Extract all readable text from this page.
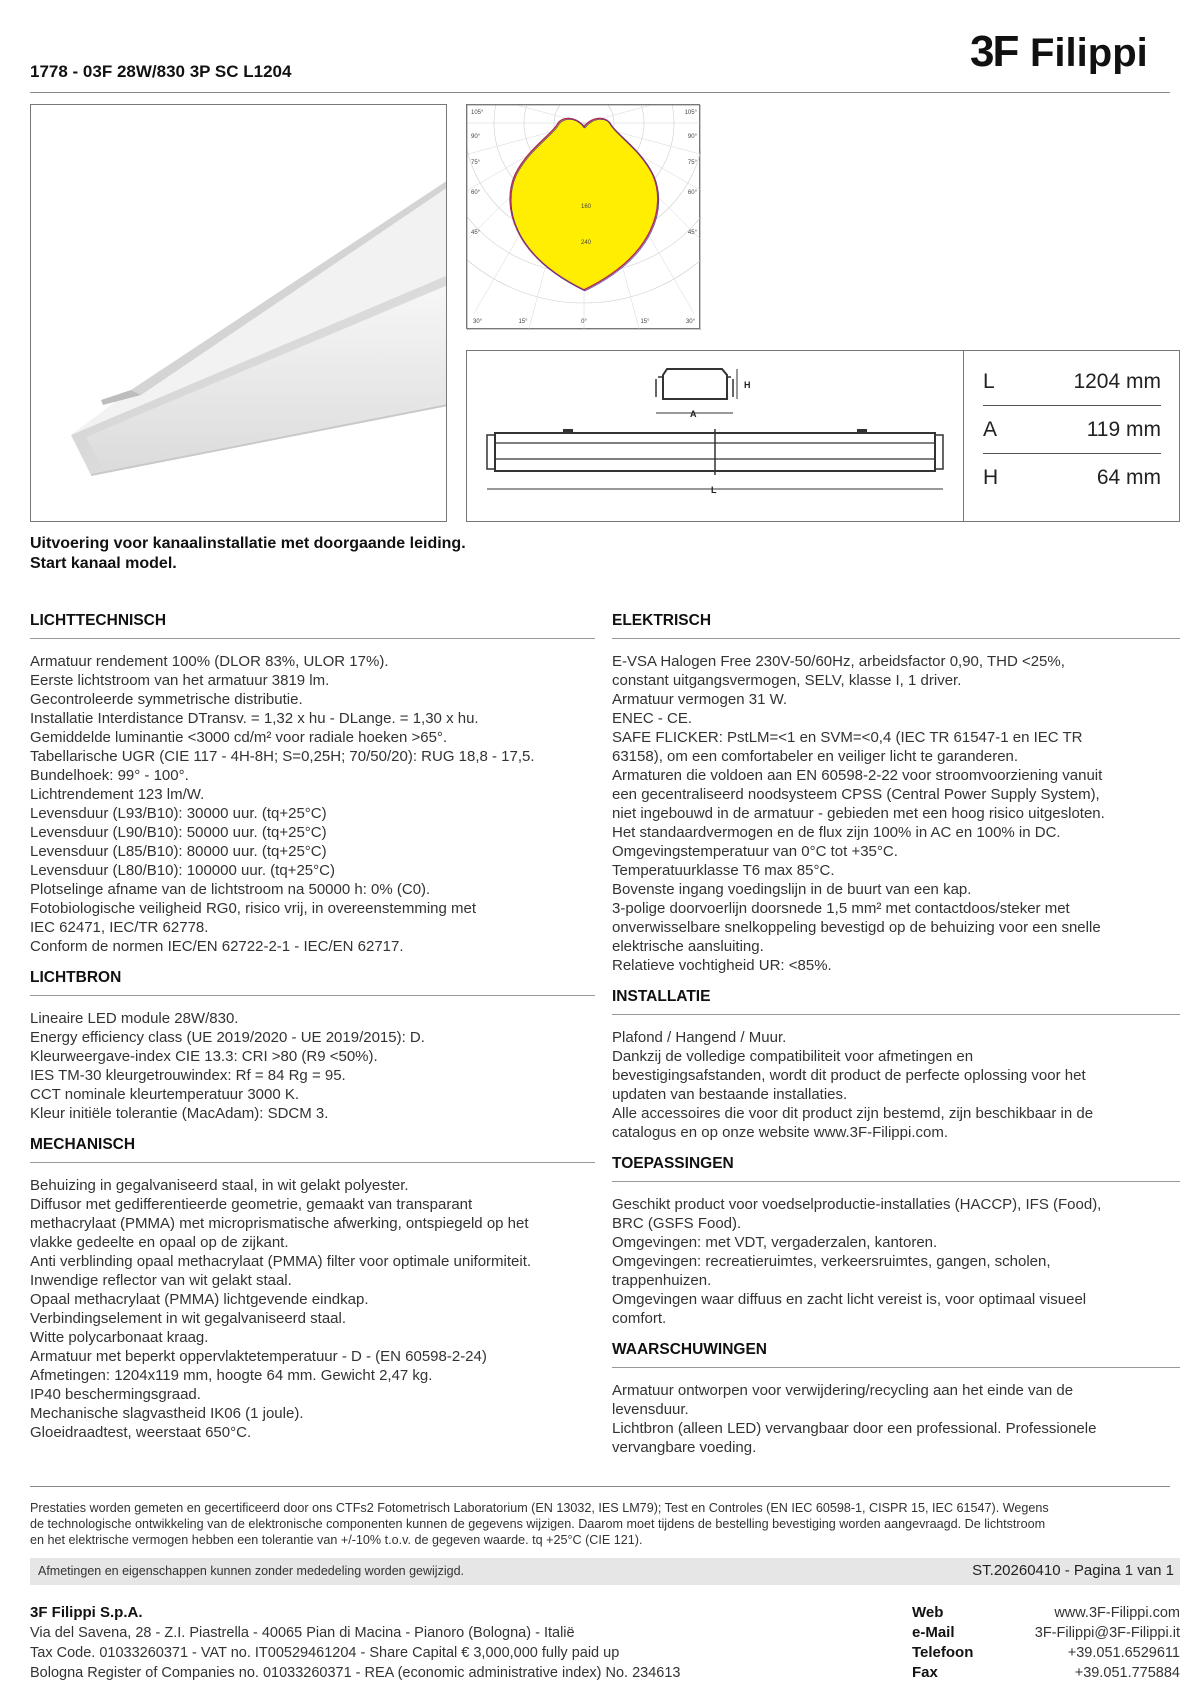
1778 - 03F 28W/830 3P SC L1204	3F Filippi
105°
90°
75°
60°
45°
105°
90°
75°
60°
45°
30°	15°	0°	15°	30°
160
240
H
A
L
L	1204 mm
A	119 mm
H	64 mm
Uitvoering voor kanaalinstallatie met doorgaande leiding.
Start kanaal model.
LICHTTECHNISCH
Armatuur rendement 100% (DLOR 83%, ULOR 17%).
Eerste lichtstroom van het armatuur 3819 lm.
Gecontroleerde symmetrische distributie.
Installatie Interdistance DTransv. = 1,32 x hu - DLange. = 1,30 x hu.
Gemiddelde luminantie <3000 cd/m² voor radiale hoeken >65°.
Tabellarische UGR (CIE 117 - 4H-8H; S=0,25H; 70/50/20): RUG 18,8 - 17,5.
Bundelhoek: 99° - 100°.
Lichtrendement 123 lm/W.
Levensduur (L93/B10): 30000 uur. (tq+25°C)
Levensduur (L90/B10): 50000 uur. (tq+25°C)
Levensduur (L85/B10): 80000 uur. (tq+25°C)
Levensduur (L80/B10): 100000 uur. (tq+25°C)
Plotselinge afname van de lichtstroom na 50000 h: 0% (C0).
Fotobiologische veiligheid RG0, risico vrij, in overeenstemming met
IEC 62471, IEC/TR 62778.
Conform de normen IEC/EN 62722-2-1 - IEC/EN 62717.
LICHTBRON
Lineaire LED module 28W/830.
Energy efficiency class (UE 2019/2020 - UE 2019/2015): D.
Kleurweergave-index CIE 13.3: CRI >80 (R9 <50%).
IES TM-30 kleurgetrouwindex: Rf = 84 Rg = 95.
CCT nominale kleurtemperatuur 3000 K.
Kleur initiële tolerantie (MacAdam): SDCM 3.
MECHANISCH
Behuizing in gegalvaniseerd staal, in wit gelakt polyester.
Diffusor met gedifferentieerde geometrie, gemaakt van transparant
methacrylaat (PMMA) met microprismatische afwerking, ontspiegeld op het
vlakke gedeelte en opaal op de zijkant.
Anti verblinding opaal methacrylaat (PMMA) filter voor optimale uniformiteit.
Inwendige reflector van wit gelakt staal.
Opaal methacrylaat (PMMA) lichtgevende eindkap.
Verbindingselement in wit gegalvaniseerd staal.
Witte polycarbonaat kraag.
Armatuur met beperkt oppervlaktetemperatuur - D - (EN 60598-2-24)
Afmetingen: 1204x119 mm, hoogte 64 mm. Gewicht 2,47 kg.
IP40 beschermingsgraad.
Mechanische slagvastheid IK06 (1 joule).
Gloeidraadtest, weerstaat 650°C.
ELEKTRISCH
E-VSA Halogen Free 230V-50/60Hz, arbeidsfactor 0,90, THD <25%,
constant uitgangsvermogen, SELV, klasse I, 1 driver.
Armatuur vermogen 31 W.
ENEC - CE.
SAFE FLICKER: PstLM=<1 en SVM=<0,4 (IEC TR 61547-1 en IEC TR
63158), om een comfortabeler en veiliger licht te garanderen.
Armaturen die voldoen aan EN 60598-2-22 voor stroomvoorziening vanuit
een gecentraliseerd noodsysteem CPSS (Central Power Supply System),
niet ingebouwd in de armatuur - gebieden met een hoog risico uitgesloten.
Het standaardvermogen en de flux zijn 100% in AC en 100% in DC.
Omgevingstemperatuur van 0°C tot +35°C.
Temperatuurklasse T6 max 85°C.
Bovenste ingang voedingslijn in de buurt van een kap.
3-polige doorvoerlijn doorsnede 1,5 mm² met contactdoos/steker met
onverwisselbare snelkoppeling bevestigd op de behuizing voor een snelle
elektrische aansluiting.
Relatieve vochtigheid UR: <85%.
INSTALLATIE
Plafond / Hangend / Muur.
Dankzij de volledige compatibiliteit voor afmetingen en
bevestigingsafstanden, wordt dit product de perfecte oplossing voor het
updaten van bestaande installaties.
Alle accessoires die voor dit product zijn bestemd, zijn beschikbaar in de
catalogus en op onze website www.3F-Filippi.com.
TOEPASSINGEN
Geschikt product voor voedselproductie-installaties (HACCP), IFS (Food),
BRC (GSFS Food).
Omgevingen: met VDT, vergaderzalen, kantoren.
Omgevingen: recreatieruimtes, verkeersruimtes, gangen, scholen,
trappenhuizen.
Omgevingen waar diffuus en zacht licht vereist is, voor optimaal visueel
comfort.
WAARSCHUWINGEN
Armatuur ontworpen voor verwijdering/recycling aan het einde van de
levensduur.
Lichtbron (alleen LED) vervangbaar door een professional. Professionele
vervangbare voeding.
Prestaties worden gemeten en gecertificeerd door ons CTFs2 Fotometrisch Laboratorium (EN 13032, IES LM79); Test en Controles (EN IEC 60598-1, CISPR 15, IEC 61547). Wegens
de technologische ontwikkeling van de elektronische componenten kunnen de gegevens wijzigen. Daarom moet tijdens de bestelling bevestiging worden aangevraagd. De lichtstroom
en het elektrische vermogen hebben een tolerantie van +/-10% t.o.v. de gegeven waarde. tq +25°C (CIE 121).
Afmetingen en eigenschappen kunnen zonder mededeling worden gewijzigd.	ST.20260410 - Pagina 1 van 1
3F Filippi S.p.A.
Via del Savena, 28 - Z.I. Piastrella - 40065 Pian di Macina - Pianoro (Bologna) - Italië
Tax Code. 01033260371 - VAT no. IT00529461204 - Share Capital € 3,000,000 fully paid up
Bologna Register of Companies no. 01033260371 - REA (economic administrative index) No. 234613
Web	www.3F-Filippi.com
e-Mail	3F-Filippi@3F-Filippi.it
Telefoon	+39.051.6529611
Fax	+39.051.775884
